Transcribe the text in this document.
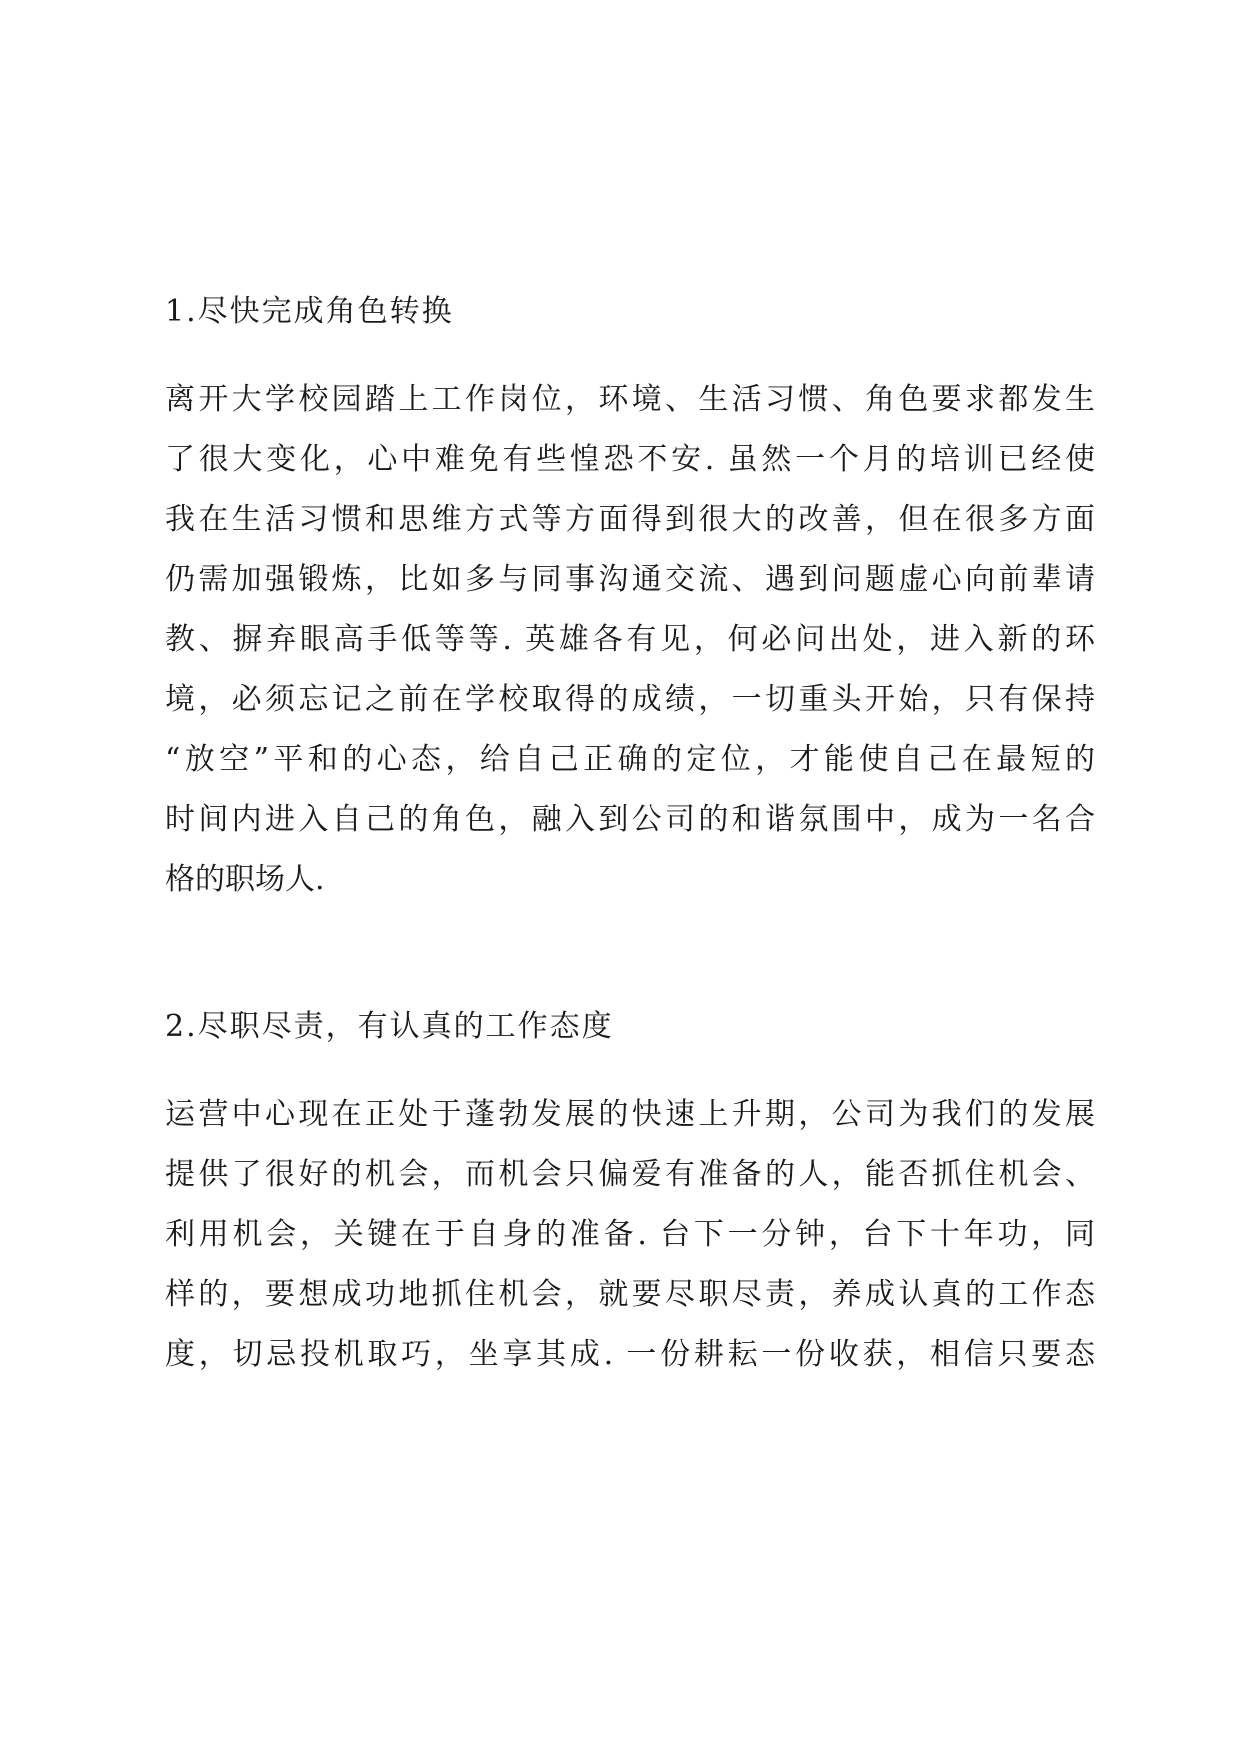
1.尽快完成角色转换
离开大学校园踏上工作岗位，环境、生活习惯、角色要求都发生
了很大变化，心中难免有些惶恐不安. 虽然一个月的培训已经使
我在生活习惯和思维方式等方面得到很大的改善，但在很多方面
仍需加强锻炼，比如多与同事沟通交流、遇到问题虚心向前辈请
教、摒弃眼高手低等等. 英雄各有见，何必问出处，进入新的环
境，必须忘记之前在学校取得的成绩，一切重头开始，只有保持
“放空”平和的心态，给自己正确的定位，才能使自己在最短的
时间内进入自己的角色，融入到公司的和谐氛围中，成为一名合
格的职场人.
2.尽职尽责，有认真的工作态度
运营中心现在正处于蓬勃发展的快速上升期，公司为我们的发展
提供了很好的机会，而机会只偏爱有准备的人，能否抓住机会、
利用机会，关键在于自身的准备. 台下一分钟，台下十年功，同
样的，要想成功地抓住机会，就要尽职尽责，养成认真的工作态
度，切忌投机取巧，坐享其成. 一份耕耘一份收获，相信只要态
